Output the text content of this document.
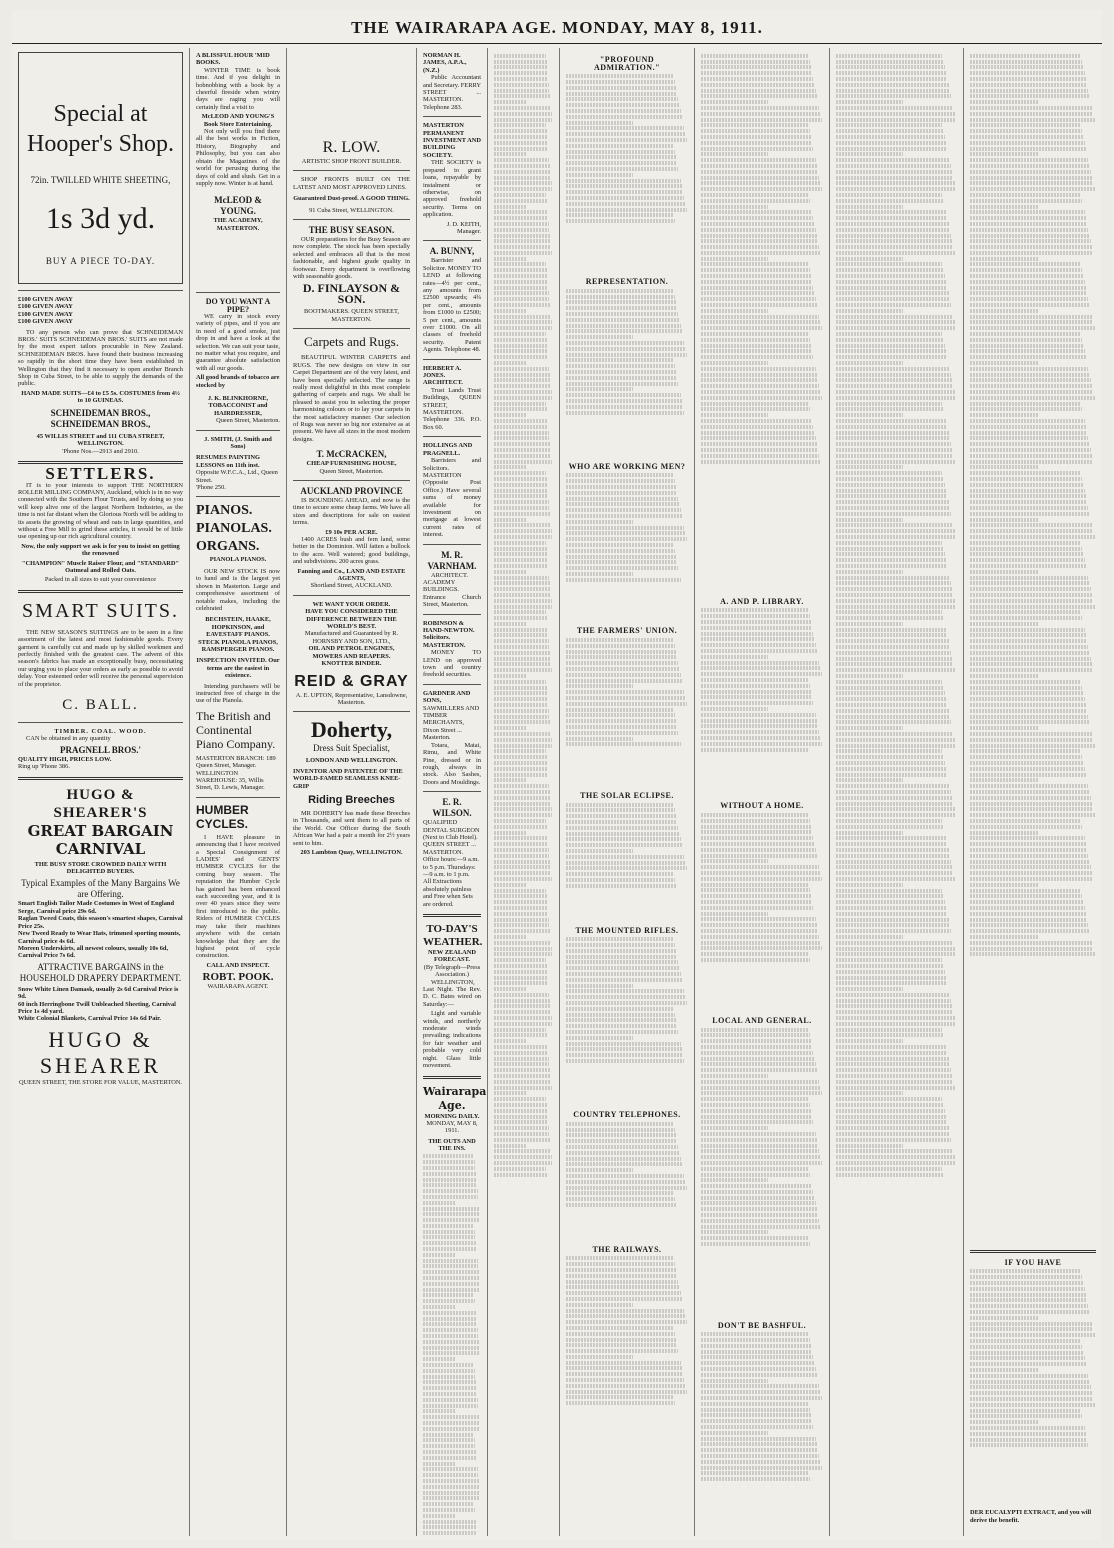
THE WAIRARAPA AGE. MONDAY, MAY 8, 1911.
Special at Hooper's Shop.
72in. TWILLED WHITE SHEETING,
1s 3d yd.
BUY A PIECE TO-DAY.
£100 GIVEN AWAY
£100 GIVEN AWAY
£100 GIVEN AWAY
£100 GIVEN AWAY

TO any person who can prove that SCHNEIDEMAN BROS.' SUITS SCHNEIDEMAN BROS.' SUITS are not made by the most expert tailors procurable in New Zealand. SCHNEIDEMAN BROS. have found their business increasing so rapidly in the short time they have been established in Wellington that they find it necessary to open another Branch Shop in Cuba Street, to be able to supply the demands of the public.

HAND MADE SUITS—£4 to £5 5s. COSTUMES from 4½ to 10 GUINEAS.
SCHNEIDEMAN BROS., SCHNEIDEMAN BROS.,
45 WILLIS STREET and 111 CUBA STREET, WELLINGTON.
'Phone Nos.—2913 and 2910.
SETTLERS.

IT is to your interests to support THE NORTHERN ROLLER MILLING COMPANY, Auckland, which is in no way connected with the Southern Flour Trusts, and by doing so you will keep alive one of the largest Northern Industries, as the time is not far distant when the Glorious North will be adding to its assets the growing of wheat and oats in large quantities, and without a Free Mill to grind these articles, it would be of little use opening up our rich agricultural country.

Now, the only support we ask is for you to insist on getting the renowned
"CHAMPION" Muscle Raiser Flour, and "STANDARD" Oatmeal and Rolled Oats.
Packed in all sizes to suit your convenience
SMART SUITS.

THE NEW SEASON'S SUITINGS are to be seen in a fine assortment of the latest and most fashionable goods. Every garment is carefully cut and made up by skilled workmen and perfectly finished with the greatest care. The advent of this season's fabrics has made an exceptionally busy, necessitating our urging you to place your orders as early as possible to avoid delay. Your esteemed order will receive the personal supervision of the proprietor.

C. BALL.
TIMBER. COAL. WOOD.

CAN be obtained in any quantity

PRAGNELL BROS.'
QUALITY HIGH, PRICES LOW.
Ring up 'Phone 386.
HUGO & SHEARER'S
GREAT BARGAIN CARNIVAL
THE BUSY STORE CROWDED DAILY WITH DELIGHTED BUYERS.
Typical Examples of the Many Bargains We are Offering.
Smart English Tailor Made Costumes in West of England Serge, Carnival price 29s 6d.
Raglan Tweed Coats, this season's smartest shapes, Carnival Price 25s.
New Tweed Ready to Wear Hats, trimmed sporting mounts, Carnival price 4s 6d.
Moreen Underskirts, all newest colours, usually 10s 6d, Carnival Price 7s 6d.
ATTRACTIVE BARGAINS in the HOUSEHOLD DRAPERY DEPARTMENT.
Snow White Linen Damask, usually 2s 6d Carnival Price is 9d.
60 inch Herringbone Twill Unbleached Sheeting, Carnival Price 1s 4d yard.
White Colonial Blankets, Carnival Price 14s 6d Pair.
HUGO & SHEARER
QUEEN STREET, THE STORE FOR VALUE, MASTERTON.
A BLISSFUL HOUR 'MID BOOKS.

WINTER TIME is book time. And if you delight in hobnobbing with a book by a cheerful fireside when wintry days are raging you will certainly find a visit to

McLEOD AND YOUNG'S Book Store Entertaining.

Not only will you find there all the best works in Fiction, History, Biography and Philosophy, but you can also obtain the Magazines of the world for perusing during the days of cold and slush. Get in a supply now. Winter is at hand.

McLEOD & YOUNG.
THE ACADEMY, MASTERTON.
DO YOU WANT A PIPE?

WE carry in stock every variety of pipes, and if you are in need of a good smoke, just drop in and have a look at the selection. We can suit your taste, no matter what you require, and guarantee absolute satisfaction with all our goods.

All good brands of tobacco are stocked by
J. K. BLINKHORNE, TOBACCONIST and HAIRDRESSER,
Queen Street, Masterton.
J. SMITH, (J. Smith and Sons)
RESUMES PAINTING LESSONS on 11th inst.
Opposite W.F.C.A., Ltd., Queen Street.
'Phone 250.
PIANOS.
PIANOLAS. ORGANS.
PIANOLA PIANOS.

OUR NEW STOCK IS now to hand and is the largest yet shown in Masterton. Large and comprehensive assortment of notable makes, including the celebrated

BECHSTEIN, HAAKE, HOPKINSON, and EAVESTAFF PIANOS. STECK PIANOLA PIANOS, RAMSPERGER PIANOS.
INSPECTION INVITED. Our terms are the easiest in existence.

Intending purchasers will be instructed free of charge in the use of the Pianola.

The British and Continental Piano Company.
MASTERTON BRANCH: 189 Queen Street, Manager.
WELLINGTON WAREHOUSE: 35, Willis Street, D. Lewis, Manager.
HUMBER CYCLES.

I HAVE pleasure in announcing that I have received a Special Consignment of LADIES' and GENTS' HUMBER CYCLES for the coming busy season. The reputation the Humber Cycle has gained has been enhanced each succeeding year, and it is over 40 years since they were first introduced to the public. Riders of HUMBER CYCLES may take their machines anywhere with the certain knowledge that they are the highest point of cycle construction.

CALL AND INSPECT.
ROBT. POOK.
WAIRARAPA AGENT.
R. LOW.
ARTISTIC SHOP FRONT BUILDER.

SHOP FRONTS BUILT ON THE LATEST AND MOST APPROVED LINES.

Guaranteed Dust-proof. A GOOD THING.
91 Cuba Street, WELLINGTON.
THE BUSY SEASON.

OUR preparations for the Busy Season are now complete. The stock has been specially selected and embraces all that is the most fashionable, and highest grade quality in footwear. Every department is overflowing with seasonable goods.

D. FINLAYSON & SON.
BOOTMAKERS. QUEEN STREET, MASTERTON.
Carpets and Rugs.

BEAUTIFUL WINTER CARPETS and RUGS. The new designs on view in our Carpet Department are of the very latest, and have been specially selected. The range is really most delightful in this most complete gathering of carpets and rugs. We shall be pleased to assist you in selecting the proper harmonising colours or to lay your carpets in the most satisfactory manner. Our selection of Rugs was never so big nor extensive as at present. We have all sizes in the most modern designs.

T. McCRACKEN,
CHEAP FURNISHING HOUSE,
Queen Street, Masterton.
AUCKLAND PROVINCE

IS BOUNDING AHEAD, and now is the time to secure some cheap farms. We have all sizes and descriptions for sale on easiest terms.

£9 10s PER ACRE.

1400 ACRES bush and fern land, some better in the Dominion. Will fatten a bullock to the acre. Well watered; good buildings, and subdivisions. 200 acres grass.

Fanning and Co., LAND AND ESTATE AGENTS,
Shortland Street, AUCKLAND.
WE WANT YOUR ORDER.
HAVE YOU CONSIDERED THE DIFFERENCE BETWEEN THE WORLD'S BEST.
Manufactured and Guaranteed by R. HORNSBY AND SON, LTD.,
OIL AND PETROL ENGINES, MOWERS AND REAPERS.
KNOTTER BINDER.
REID & GRAY
A. E. UPTON, Representative, Lansdowne, Masterton.
Doherty,
Dress Suit Specialist,
LONDON AND WELLINGTON.
INVENTOR AND PATENTEE OF THE WORLD-FAMED SEAMLESS KNEE-GRIP
Riding Breeches

MR DOHERTY has made these Breeches in Thousands, and sent them to all parts of the World. Our Officer during the South African War had a pair a month for 2½ years sent to him.

203 Lambton Quay, WELLINGTON.
NORMAN H. JAMES, A.P.A., (N.Z.)

Public Accountant and Secretary. FERRY STREET ... MASTERTON. Telephone 283.

MASTERTON PERMANENT INVESTMENT AND BUILDING SOCIETY.

THE SOCIETY is prepared to grant loans, repayable by instalment or otherwise, on approved freehold security. Terms on application.

J. D. KEITH, Manager.
A. BUNNY,

Barrister and Solicitor. MONEY TO LEND at following rates—4½ per cent., any amounts from £2500 upwards; 4¾ per cent., amounts from £1000 to £2500; 5 per cent., amounts over £1000. On all classes of freehold security. Patent Agents. Telephone 48.

HERBERT A. JONES. ARCHITECT.

Trust Lands Trust Buildings, QUEEN STREET, MASTERTON. Telephone 336. P.O. Box 60.

HOLLINGS AND PRAGNELL.

Barristers and Solicitors. MASTERTON (Opposite Post Office.) Have several sums of money available for investment on mortgage at lowest current rates of interest.

M. R. VARNHAM.

ARCHITECT. ACADEMY BUILDINGS. Entrance Church Street, Masterton.

ROBINSON & HAND-NEWTON. Solicitors. MASTERTON.

MONEY TO LEND on approved town and country freehold securities.

GARDNER AND SONS,
SAWMILLERS AND TIMBER MERCHANTS, Dixon Street ... Masterton.

Totara, Matai, Rimu, and White Pine, dressed or in rough, always in stock. Also Sashes, Doors and Mouldings.

E. R. WILSON.
QUALIFIED DENTAL SURGEON (Next to Club Hotel). QUEEN STREET ... MASTERTON.
Office hours:—9 a.m. to 5 p.m. Thursdays:—9 a.m. to 1 p.m.
All Extractions absolutely painless and Free when Sets are ordered.
TO-DAY'S WEATHER.
NEW ZEALAND FORECAST.
(By Telegraph—Press Association.)

WELLINGTON, Last Night. The Rev. D. C. Bates wired on Saturday:—

Light and variable winds, and northerly moderate winds prevailing; indications for fair weather and probable very cold night. Glass little movement.

Wairarapa Age.
MORNING DAILY.
MONDAY, MAY 8, 1911.
THE OUTS AND THE INS.
"PROFOUND ADMIRATION."
REPRESENTATION.
WHO ARE WORKING MEN?
THE FARMERS' UNION.
THE SOLAR ECLIPSE.
THE MOUNTED RIFLES.
COUNTRY TELEPHONES.
THE RAILWAYS.
A. AND P. LIBRARY.
WITHOUT A HOME.
LOCAL AND GENERAL.
DON'T BE BASHFUL.
IF YOU HAVE
DER EUCALYPTI EXTRACT, and you will derive the benefit.
